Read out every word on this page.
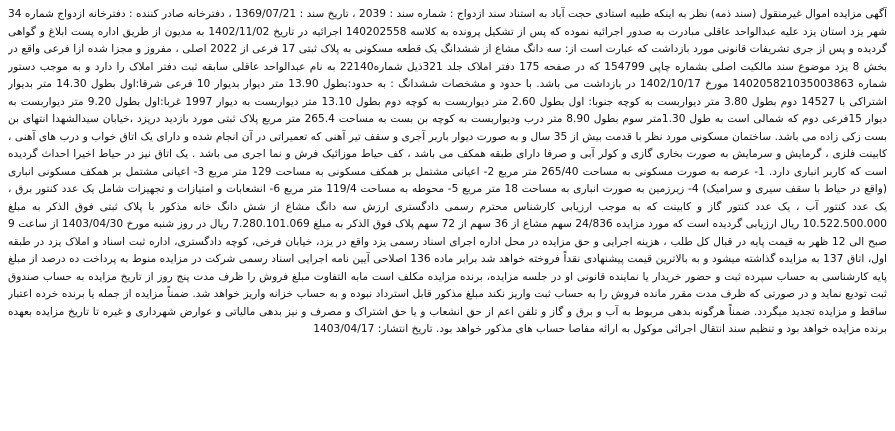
آگهی مزایده اموال غیرمنقول (سند ذمه) نظر به اینکه طبیه استادی حجت آباد به استناد سند ازدواج : شماره سند : 2039 ، تاریخ سند : 1369/07/21 ، دفترخانه صادر کننده : دفترخانه ازدواج شماره 34 شهر یزد استان یزد علیه عبدالواحد عاقلی مبادرت به صدور اجرائیه نموده که پس از تشکیل پرونده به کلاسه 140202558 اجرائیه در تاریخ 1402/11/02 به مدیون از طریق اداره پست ابلاغ و گواهی گردیده و پس از جری تشریفات قانونی مورد بازداشت که عبارت است از: سه دانگ مشاع از ششدانگ یک قطعه مسکونی به پلاک ثبتی 17 فرعی از 2022 اصلی ، مفروز و مجزا شده ازا فرعی واقع در بخش 8 یزد موضوع سند مالکیت اصلی بشماره چاپی 154799 که در صفحه 175 دفتر املاک جلد 321ذیل شماره22140 به نام عبدالواحد عاقلی سابقه ثبت دفتر املاک را دارد و به موجب دستور شماره 140205821035003863 مورخ 1402/10/17 در بازداشت می باشد. با حدود و مشخصات ششدانگ : به حدود:بطول 13.90 متر دیوار بدیوار 10 فرعی شرقا:اول بطول 14.30 متر بدیوار اشتراکی با 14527 دوم بطول 3.80 متر دیواربست به کوچه جنوبا: اول بطول 2.60 متر دیواربست به کوچه دوم بطول 13.10 متر دیواربست به دیوار 1997 غربا:اول بطول 9.20 متر دیواربست به دیوار 15فرعی دوم که شمالی است به طول 1.30متر سوم بطول 8.90 متر درب ودیواربست به کوچه بن بست به مساحت 265.4 متر مربع پلاک ثبتی مورد بازدید درپزد ،خیابان سیدالشهدا انتهای بن بست زکی زاده می باشد. ساختمان مسکونی مورد نظر با قدمت بیش از 35 سال و به صورت دیوار باربر آجری و سقف تیر آهنی که تعمیراتی در آن انجام شده و دارای یک اتاق خواب و درب های آهنی ، کابینت فلزی ، گرمایش و سرمایش به صورت بخاری گازی و کولر آبی و صرفا دارای طبقه همکف می باشد ، کف حیاط موزائیک فرش و نما اجری می باشد . یک اتاق نیز در حیاط اخیرا احداث گردیده است که کاربر انباری دارد. 1- عرصه به صورت مسکونی به مساحت 265/40 متر مربع 2- اعیانی مشتمل بر همکف مسکونی به مساحت 129 متر مربع 3- اعیانی مشتمل بر همکف مسکونی انباری (واقع در حیاط با سقف سیری و سرامیک) 4- زیرزمین به صورت انباری به مساحت 18 متر مربع 5- محوطه به مساحت 119/4 متر مربع 6- انشعابات و امتیازات و تجهیزات شامل یک عدد کنتور برق ، یک عدد کنتور آب ، یک عدد کنتور گاز و کابینت که به موجب ارزیابی کارشناس محترم رسمی دادگستری ارزش سه دانگ مشاع از شش دانگ خانه مذکور با پلاک ثبتی فوق الذکر به مبلغ 10.522.500.000 ریال ارزیابی گردیده است که مورد مزایده 24/836 سهم مشاع از 36 سهم از 72 سهم پلاک فوق الذکر به مبلغ 7.280.101.069 ریال در روز شنبه مورخ 1403/04/30 از ساعت 9 صبح الی 12 ظهر به قیمت پایه در قبال کل طلب ، هزینه اجرایی و حق مزایده در محل اداره اجرای اسناد رسمی یزد واقع در یزد، خیابان فرخی، کوچه دادگستری، اداره ثبت اسناد و املاک یزد در طبقه اول، اتاق 137 به مزایده گذاشته میشود و به بالاترین قیمت پیشنهادی نقداً فروخته خواهد شد برابر ماده 136 اصلاحی آیین نامه اجرایی اسناد رسمی شرکت در مزایده منوط به پرداخت ده درصد از مبلغ پایه کارشناسی به حساب سپرده ثبت و حضور خریدار یا نماینده قانونی او در جلسه مزایده، برنده مزایده مکلف است مابه التفاوت مبلغ فروش را ظرف مدت پنج روز از تاریخ مزایده به حساب صندوق ثبت تودیع نماید و در صورتی که ظرف مدت مقرر مانده فروش را به حساب ثبت واریز نکند مبلغ مذکور قابل استرداد نبوده و به حساب خزانه واریز خواهد شد. ضمناً مزایده از جمله یا برنده خرده اعتبار ساقط و مزایده تجدید میگردد. ضمناً هرگونه بدهی مربوط به آب و برق و گاز و تلفن اعم از حق انشعاب و یا حق اشتراک و مصرف و نیز بدهی مالیاتی و عوارض شهرداری و غیره تا تاریخ مزایده بعهده برنده مزایده خواهد بود و تنظیم سند انتقال اجرائی موکول به ارائه مفاصا حساب های مذکور خواهد بود. تاریخ انتشار: 1403/04/17
